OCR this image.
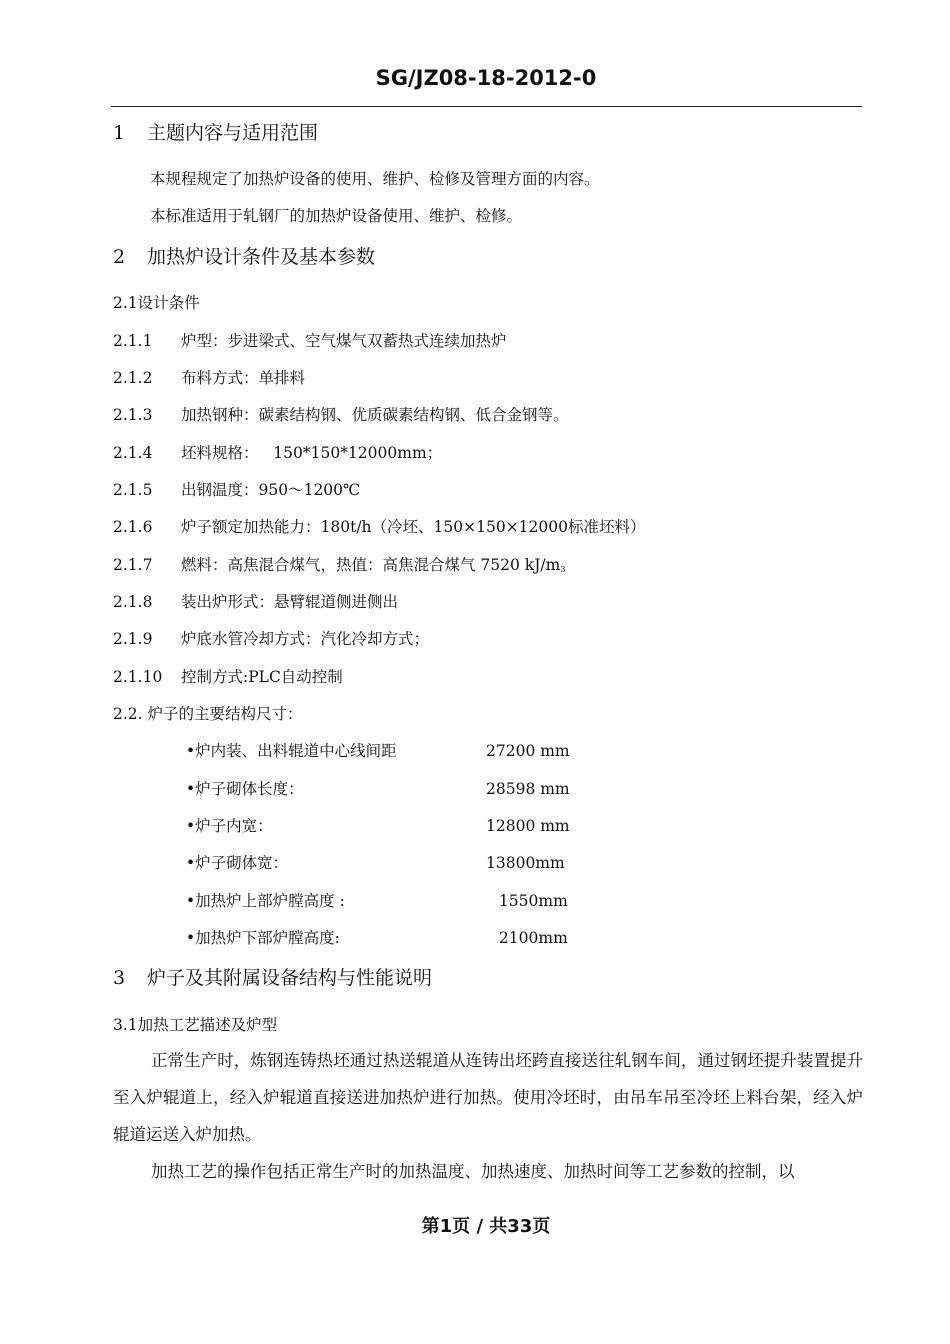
SG/JZ08-18-2012-0
1 主题内容与适用范围
本规程规定了加热炉设备的使用、维护、检修及管理方面的内容。
本标准适用于轧钢厂的加热炉设备使用、维护、检修。
2 加热炉设计条件及基本参数
2.1设计条件
2.1.1 炉型：步进梁式、空气煤气双蓄热式连续加热炉
2.1.2 布料方式：单排料
2.1.3 加热钢种：碳素结构钢、优质碳素结构钢、低合金钢等。
2.1.4 坯料规格：   150*150*12000mm；
2.1.5 出钢温度：950～1200℃
2.1.6 炉子额定加热能力：180t/h（冷坯、150×150×12000标准坯料）
2.1.7 燃料：高焦混合煤气，热值：高焦混合煤气 7520 kJ/m3
2.1.8 装出炉形式：悬臂辊道侧进侧出
2.1.9 炉底水管冷却方式：汽化冷却方式；
2.1.10 控制方式:PLC自动控制
2.2. 炉子的主要结构尺寸：
•炉内装、出料辊道中心线间距	27200 mm
•炉子砌体长度：	28598 mm
•炉子内宽：	12800 mm
•炉子砌体宽：	13800mm
•加热炉上部炉膛高度 :	1550mm
•加热炉下部炉膛高度:	2100mm
3 炉子及其附属设备结构与性能说明
3.1加热工艺描述及炉型
正常生产时，炼钢连铸热坯通过热送辊道从连铸出坯跨直接送往轧钢车间，通过钢坯提升装置提升至入炉辊道上，经入炉辊道直接送进加热炉进行加热。使用冷坯时，由吊车吊至冷坯上料台架，经入炉辊道运送入炉加热。
加热工艺的操作包括正常生产时的加热温度、加热速度、加热时间等工艺参数的控制，以
第1页 / 共33页
